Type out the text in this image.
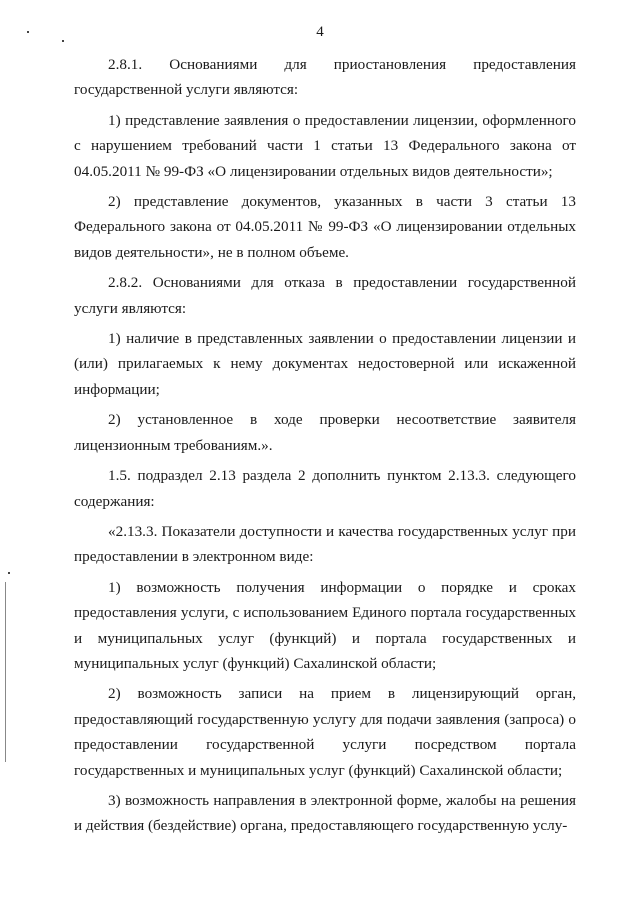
4

2.8.1. Основаниями для приостановления предоставления государственной услуги являются:

1) представление заявления о предоставлении лицензии, оформленного с нарушением требований части 1 статьи 13 Федерального закона от 04.05.2011 № 99-ФЗ «О лицензировании отдельных видов деятельности»;

2) представление документов, указанных в части 3 статьи 13 Федерального закона от 04.05.2011 № 99-ФЗ «О лицензировании отдельных видов деятельности», не в полном объеме.

2.8.2. Основаниями для отказа в предоставлении государственной услуги являются:

1) наличие в представленных заявлении о предоставлении лицензии и (или) прилагаемых к нему документах недостоверной или искаженной информации;

2) установленное в ходе проверки несоответствие заявителя лицензионным требованиям.».

1.5. подраздел 2.13 раздела 2 дополнить пунктом 2.13.3. следующего содержания:

«2.13.3. Показатели доступности и качества государственных услуг при предоставлении в электронном виде:

1) возможность получения информации о порядке и сроках предоставления услуги, с использованием Единого портала государственных и муниципальных услуг (функций) и портала государственных и муниципальных услуг (функций) Сахалинской области;

2) возможность записи на прием в лицензирующий орган, предоставляющий государственную услугу для подачи заявления (запроса) о предоставлении государственной услуги посредством портала государственных и муниципальных услуг (функций) Сахалинской области;

3) возможность направления в электронной форме, жалобы на решения и действия (бездействие) органа, предоставляющего государственную услу-
